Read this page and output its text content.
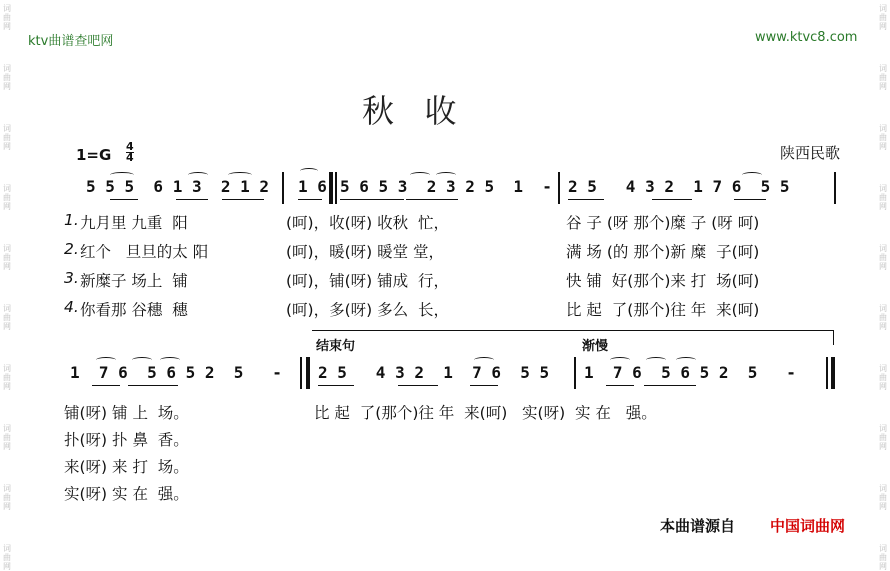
词曲网
词曲网
词曲网
词曲网
词曲网
词曲网
词曲网
词曲网
词曲网
词曲网
词曲网
词曲网
词曲网
词曲网
词曲网
词曲网
词曲网
词曲网
词曲网
词曲网
ktv曲谱查吧网	www.ktvc8.com
秋   收
陕西民歌
1=G 4
4
5 5 5  6 1 3  2 1 2 1 6 5 6 5 3  2 3 2 5  1  - 2 5   4 3 2  1 7 6  5 5
1. 九月里 九重  阳	(呵)，收(呀) 收秋  忙，	谷 子 (呀 那个)糜 子 (呀 呵)
2. 红个   旦旦的太 阳	(呵)，暖(呀) 暖堂 堂，	满 场 (的 那个)新 糜  子(呵)
3. 新糜子 场上  铺	(呵)，铺(呀) 铺成  行，	快 铺  好(那个)来 打  场(呵)
4. 你看那 谷穗  穗	(呵)，多(呀) 多么  长，	比 起  了(那个)往 年  来(呵)
结束句	渐慢
1  7 6  5 6 5 2  5   - 2 5   4 3 2  1  7 6  5 5 1  7 6  5 6 5 2  5   -
铺(呀) 铺 上  场。
扑(呀) 扑 鼻  香。
来(呀) 来 打  场。
实(呀) 实 在  强。
比 起  了(那个)往 年  来(呵)   实(呀)  实 在   强。
本曲谱源自 中国词曲网
